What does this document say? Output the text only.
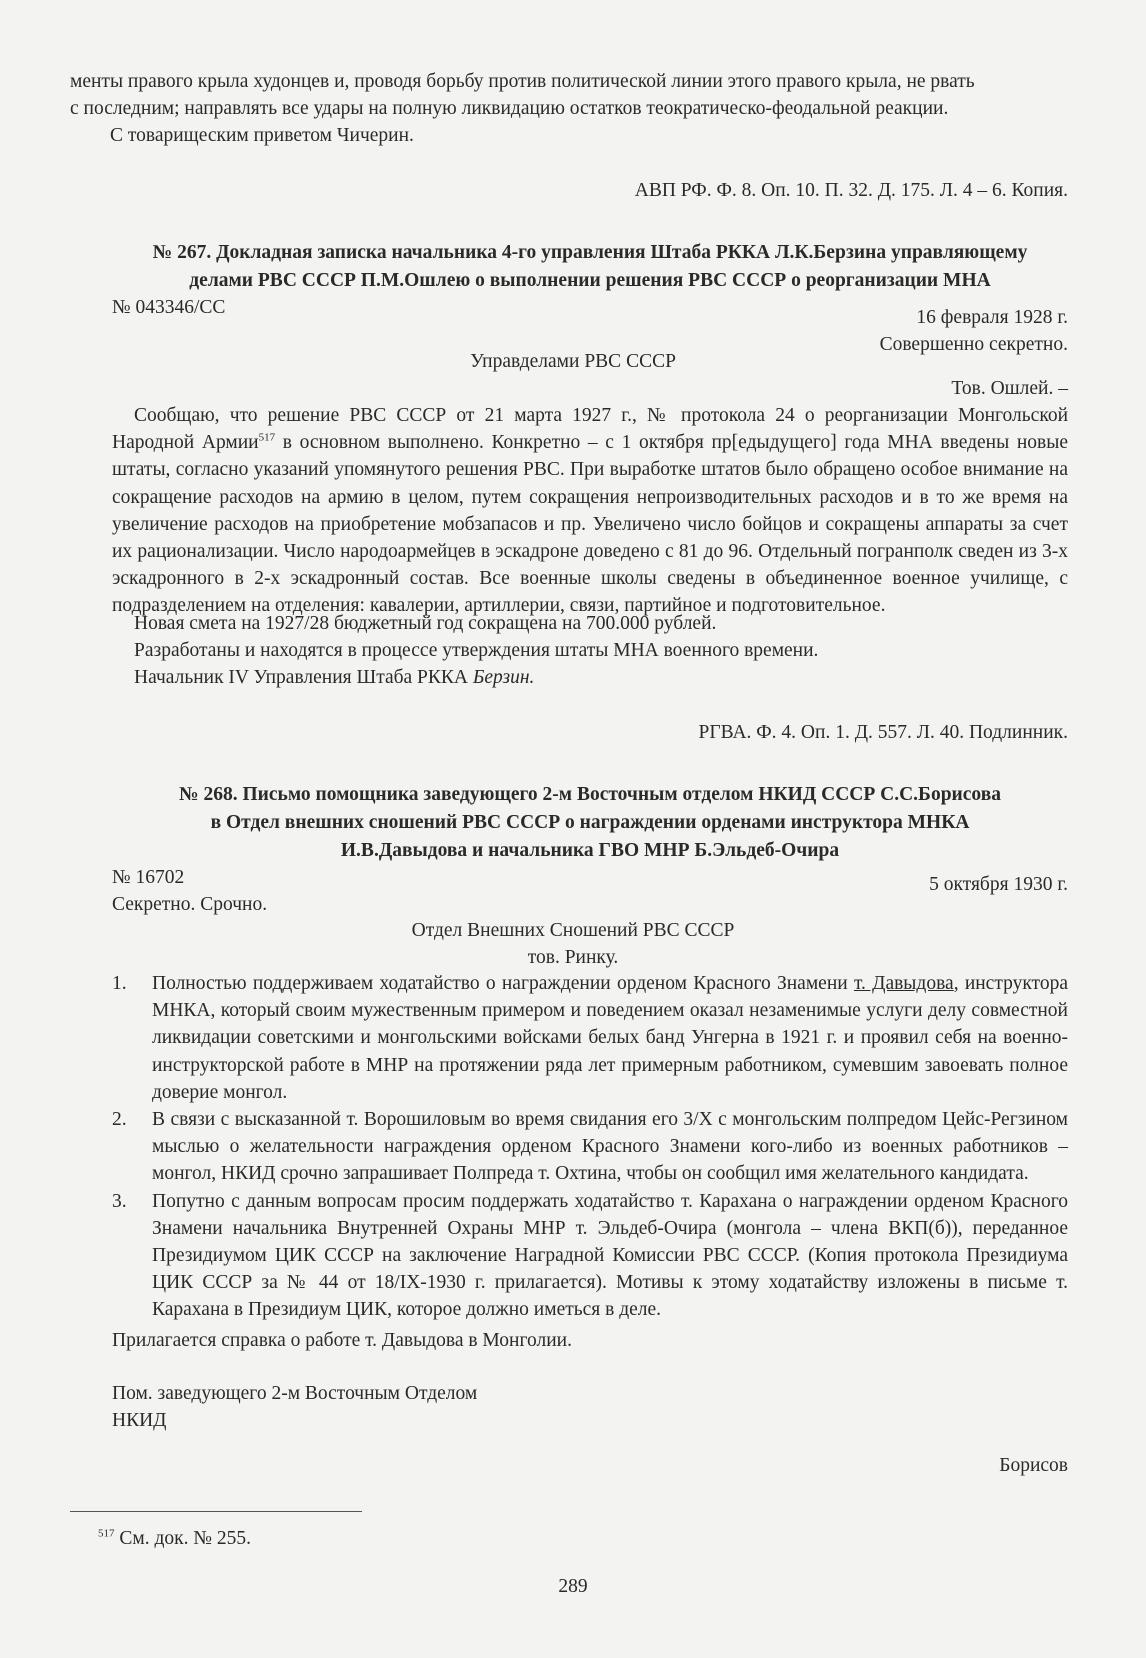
менты правого крыла худонцев и, проводя борьбу против политической линии этого правого крыла, не рвать
с последним; направлять все удары на полную ликвидацию остатков теократическо-феодальной реакции.
С товарищеским приветом Чичерин.
АВП РФ. Ф. 8. Оп. 10. П. 32. Д. 175. Л. 4 – 6. Копия.
№ 267. Докладная записка начальника 4-го управления Штаба РККА Л.К.Берзина управляющему
делами РВС СССР П.М.Ошлею о выполнении решения РВС СССР о реорганизации МНА
№ 043346/СС	16 февраля 1928 г.
Совершенно секретно.
Управделами РВС СССР
Тов. Ошлей. –
Сообщаю, что решение РВС СССР от 21 марта 1927 г., № протокола 24 о реорганизации Монгольской Народной Армии$^{517}$ в основном выполнено. Конкретно – с 1 октября пр[едыдущего] года МНА введены новые штаты, согласно указаний упомянутого решения РВС. При выработке штатов было обращено особое внимание на сокращение расходов на армию в целом, путем сокращения непроизводительных расходов и в то же время на увеличение расходов на приобретение мобзапасов и пр. Увеличено число бойцов и сокращены аппараты за счет их рационализации. Число народоармейцев в эскадроне доведено с 81 до 96. Отдельный погранполк сведен из 3-х эскадронного в 2-х эскадронный состав. Все военные школы сведены в объединенное военное училище, с подразделением на отделения: кавалерии, артиллерии, связи, партийное и подготовительное.
Новая смета на 1927/28 бюджетный год сокращена на 700.000 рублей.
Разработаны и находятся в процессе утверждения штаты МНА военного времени.
Начальник IV Управления Штаба РККА Берзин.
РГВА. Ф. 4. Оп. 1. Д. 557. Л. 40. Подлинник.
№ 268. Письмо помощника заведующего 2-м Восточным отделом НКИД СССР С.С.Борисова
в Отдел внешних сношений РВС СССР о награждении орденами инструктора МНКА
И.В.Давыдова и начальника ГВО МНР Б.Эльдеб-Очира
№ 16702	5 октября 1930 г.
Секретно. Срочно.
Отдел Внешних Сношений РВС СССР
тов. Ринку.
1. Полностью поддерживаем ходатайство о награждении орденом Красного Знамени т. Давыдова, инструктора МНКА, который своим мужественным примером и поведением оказал незаменимые услуги делу совместной ликвидации советскими и монгольскими войсками белых банд Унгерна в 1921 г. и проявил себя на военно-инструкторской работе в МНР на протяжении ряда лет примерным работником, сумевшим завоевать полное доверие монгол.
2. В связи с высказанной т. Ворошиловым во время свидания его 3/X с монгольским полпредом Цейс-Регзином мыслью о желательности награждения орденом Красного Знамени кого-либо из военных работников – монгол, НКИД срочно запрашивает Полпреда т. Охтина, чтобы он сообщил имя желательного кандидата.
3. Попутно с данным вопросам просим поддержать ходатайство т. Карахана о награждении орденом Красного Знамени начальника Внутренней Охраны МНР т. Эльдеб-Очира (монгола – члена ВКП(б)), переданное Президиумом ЦИК СССР на заключение Наградной Комиссии РВС СССР. (Копия протокола Президиума ЦИК СССР за № 44 от 18/IX-1930 г. прилагается). Мотивы к этому ходатайству изложены в письме т. Карахана в Президиум ЦИК, которое должно иметься в деле.
Прилагается справка о работе т. Давыдова в Монголии.
Пом. заведующего 2-м Восточным Отделом
НКИД
Борисов
$^{517}$ См. док. № 255.
289
